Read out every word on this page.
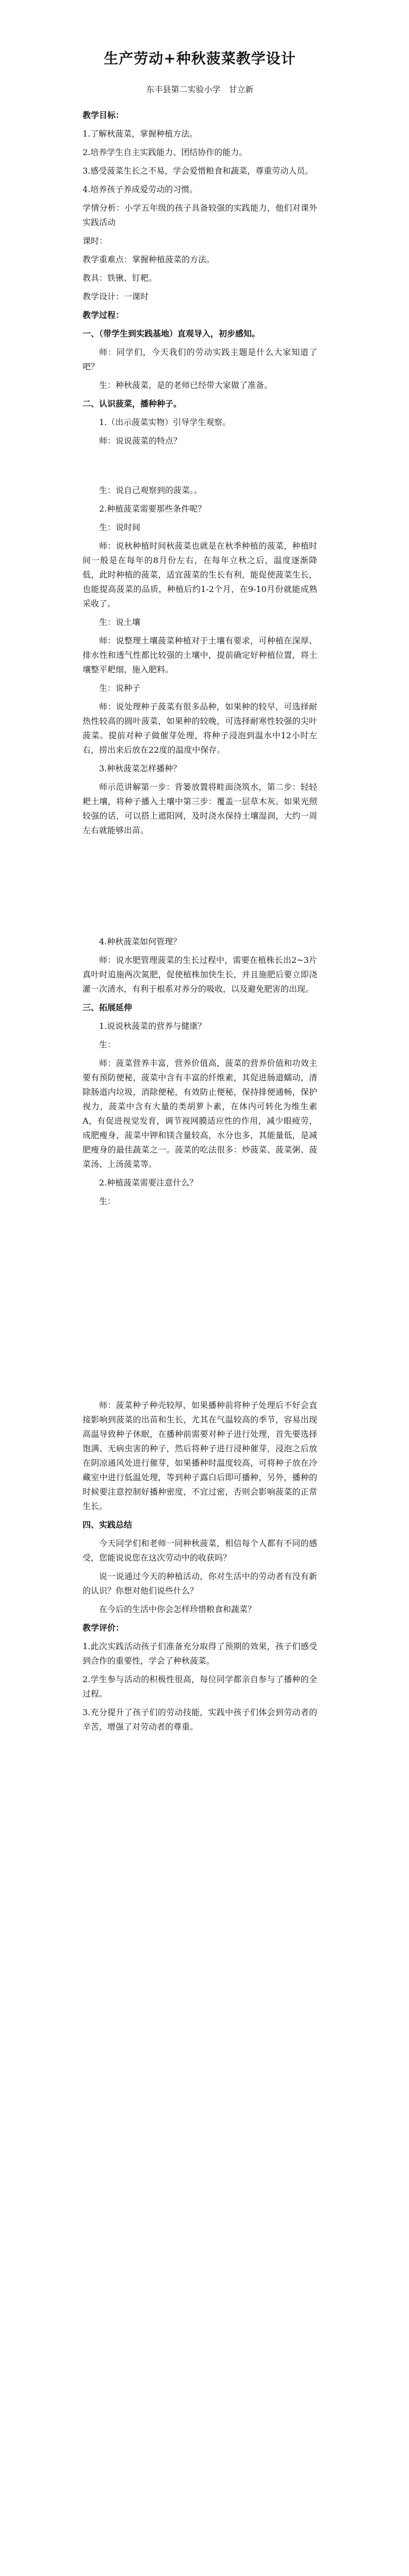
生产劳动+种秋菠菜教学设计

东丰县第二实验小学　甘立新

教学目标：

1.了解秋菠菜，掌握种植方法。

2.培养学生自主实践能力、团结协作的能力。

3.感受菠菜生长之不易，学会爱惜粮食和蔬菜，尊重劳动人员。

4.培养孩子养成爱劳动的习惯。

学情分析：小学五年级的孩子具备较强的实践能力，他们对课外实践活动

课时：

教学重难点：掌握种植菠菜的方法。

教具：铁锹、钉耙。

教学设计：一课时

教学过程：

一、（带学生到实践基地）直观导入，初步感知。

师：同学们，今天我们的劳动实践主题是什么大家知道了吧？

生：种秋菠菜，是的老师已经带大家做了准备。

二、认识菠菜，播种种子。

1.（出示菠菜实物）引导学生观察。

师：说说菠菜的特点？

生：说自己观察到的菠菜。。

2.种植菠菜需要那些条件呢？

生：说时间

师：说秋种植时间秋菠菜也就是在秋季种植的菠菜，种植时间一般是在每年的8月份左右，在每年立秋之后，温度逐渐降低，此时种植的菠菜，适宜菠菜的生长有利，能促使菠菜生长，也能提高菠菜的品质，种植后约1-2个月，在9-10月份就能成熟采收了。

生：说土壤

师：说整理土壤菠菜种植对于土壤有要求，可种植在深厚、排水性和透气性都比较强的土壤中，提前确定好种植位置，将土壤整平耙细，施入肥料。

生：说种子

师：说处理种子菠菜有很多品种，如果种的较早，可选择耐热性较高的圆叶菠菜，如果种的较晚，可选择耐寒性较强的尖叶菠菜。提前对种子做催芽处理，将种子浸泡到温水中12小时左右，捞出来后放在22度的温度中保存。

3.种秋菠菜怎样播种？

师示范讲解第一步：背篓放置将畦面浇筑水，第二步：轻轻耙土壤，将种子播入土壤中第三步：覆盖一层草木灰。如果光照较强的话，可以搭上遮阳网，及时浇水保持土壤湿润，大约一周左右就能够出苗。

4.种秋菠菜如何管理？

师：说水肥管理菠菜的生长过程中，需要在植株长出2~3片真叶时追施两次氮肥，促使植株加快生长，并且施肥后要立即浇灌一次清水，有利于根系对养分的吸收，以及避免肥害的出现。

三、拓展延伸

1.说说秋菠菜的营养与健康？

生：

师：菠菜营养丰富，营养价值高，菠菜的营养价值和功效主要有预防便秘，菠菜中含有丰富的纤维素，其促进肠道蠕动，清除肠道内垃圾，消除便秘，有效防止便秘，保持排便通畅，保护视力，菠菜中含有大量的类胡萝卜素，在体内可转化为维生素A，有促进视觉发育，调节视网膜适应性的作用，减少眼疲劳，成肥瘦身，菠菜中钾和镁含量较高，水分也多，其能量低，是减肥瘦身的最佳蔬菜之一。菠菜的吃法很多：炒菠菜、菠菜粥、菠菜汤、上汤菠菜等。

2.种植菠菜需要注意什么？

生：

师：菠菜种子种壳较厚，如果播种前将种子处理后不好会直接影响到菠菜的出苗和生长，尤其在气温较高的季节，容易出现高温导致种子休眠，在播种前需要对种子进行处理，首先要选择饱满、无病虫害的种子，然后将种子进行浸种催芽，浸泡之后放在阴凉通风处进行催芽，如果播种时温度较高，可将种子放在冷藏室中进行低温处理，等到种子露白后即可播种，另外，播种的时候要注意控制好播种密度，不宜过密，否则会影响菠菜的正常生长。

四、实践总结

今天同学们和老师一同种秋菠菜，相信每个人都有不同的感受，您能说说您在这次劳动中的收获吗？

说一说通过今天的种植活动，你对生活中的劳动者有没有新的认识？你想对他们说些什么？

在今后的生活中你会怎样珍惜粮食和蔬菜？

教学评价：

1.此次实践活动孩子们准备充分取得了预期的效果，孩子们感受到合作的重要性，学会了种秋菠菜。

2.学生参与活动的积极性很高，每位同学都亲自参与了播种的全过程。

3.充分提升了孩子们的劳动技能，实践中孩子们体会到劳动者的辛苦，增强了对劳动者的尊重。
